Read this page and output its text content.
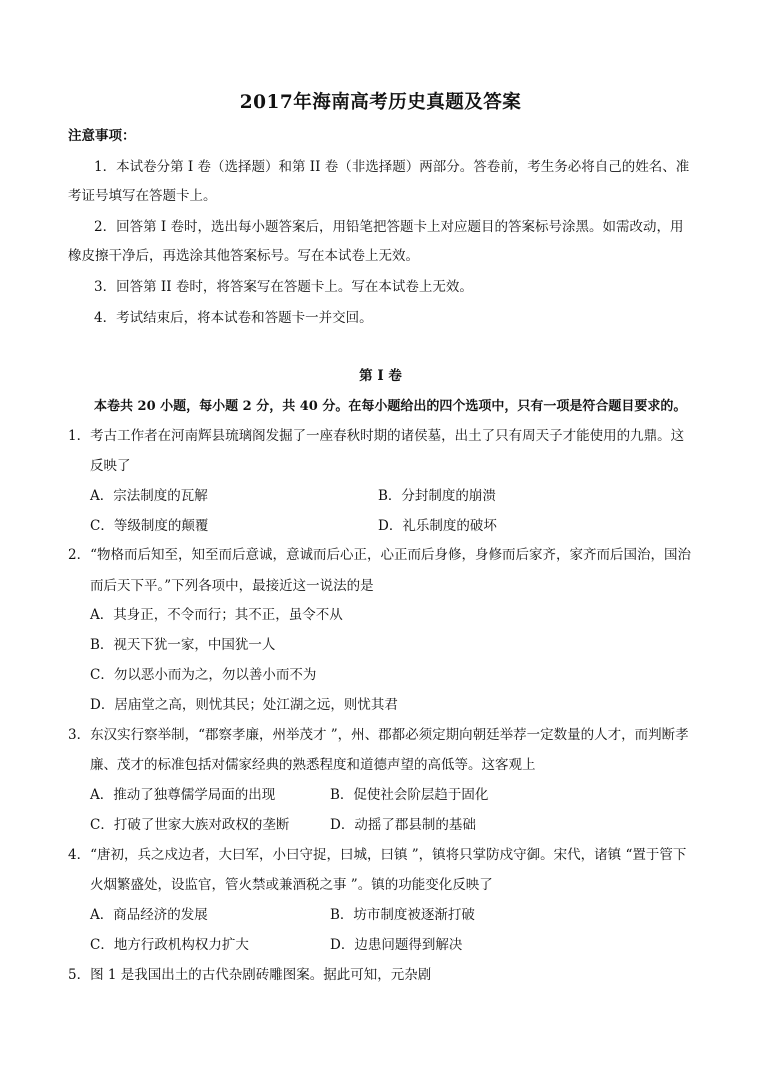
2017年海南高考历史真题及答案
注意事项：
1．本试卷分第 I 卷（选择题）和第 II 卷（非选择题）两部分。答卷前，考生务必将自己的姓名、准
考证号填写在答题卡上。
2．回答第 I 卷时，选出每小题答案后，用铅笔把答题卡上对应题目的答案标号涂黑。如需改动，用
橡皮擦干净后，再选涂其他答案标号。写在本试卷上无效。
3．回答第 II 卷时，将答案写在答题卡上。写在本试卷上无效。
4．考试结束后，将本试卷和答题卡一并交回。
第 I 卷
本卷共 20 小题，每小题 2 分，共 40 分。在每小题给出的四个选项中，只有一项是符合题目要求的。
1．考古工作者在河南辉县琉璃阁发掘了一座春秋时期的诸侯墓，出土了只有周天子才能使用的九鼎。这
反映了
A．宗法制度的瓦解	B．分封制度的崩溃
C．等级制度的颠覆	D．礼乐制度的破坏
2．“物格而后知至，知至而后意诚，意诚而后心正，心正而后身修，身修而后家齐，家齐而后国治，国治
而后天下平。”下列各项中，最接近这一说法的是
A．其身正，不令而行；其不正，虽令不从
B．视天下犹一家，中国犹一人
C．勿以恶小而为之，勿以善小而不为
D．居庙堂之高，则忧其民；处江湖之远，则忧其君
3．东汉实行察举制，“郡察孝廉，州举茂才 ”，州、郡都必须定期向朝廷举荐一定数量的人才，而判断孝
廉、茂才的标准包括对儒家经典的熟悉程度和道德声望的高低等。这客观上
A．推动了独尊儒学局面的出现	B．促使社会阶层趋于固化
C．打破了世家大族对政权的垄断	D．动摇了郡县制的基础
4．“唐初，兵之戍边者，大曰军，小曰守捉，曰城，曰镇 ”，镇将只掌防戍守御。宋代，诸镇 “置于管下
火烟繁盛处，设监官，管火禁或兼酒税之事 ”。镇的功能变化反映了
A．商品经济的发展	B．坊市制度被逐渐打破
C．地方行政机构权力扩大	D．边患问题得到解决
5．图 1 是我国出土的古代杂剧砖雕图案。据此可知，元杂剧
